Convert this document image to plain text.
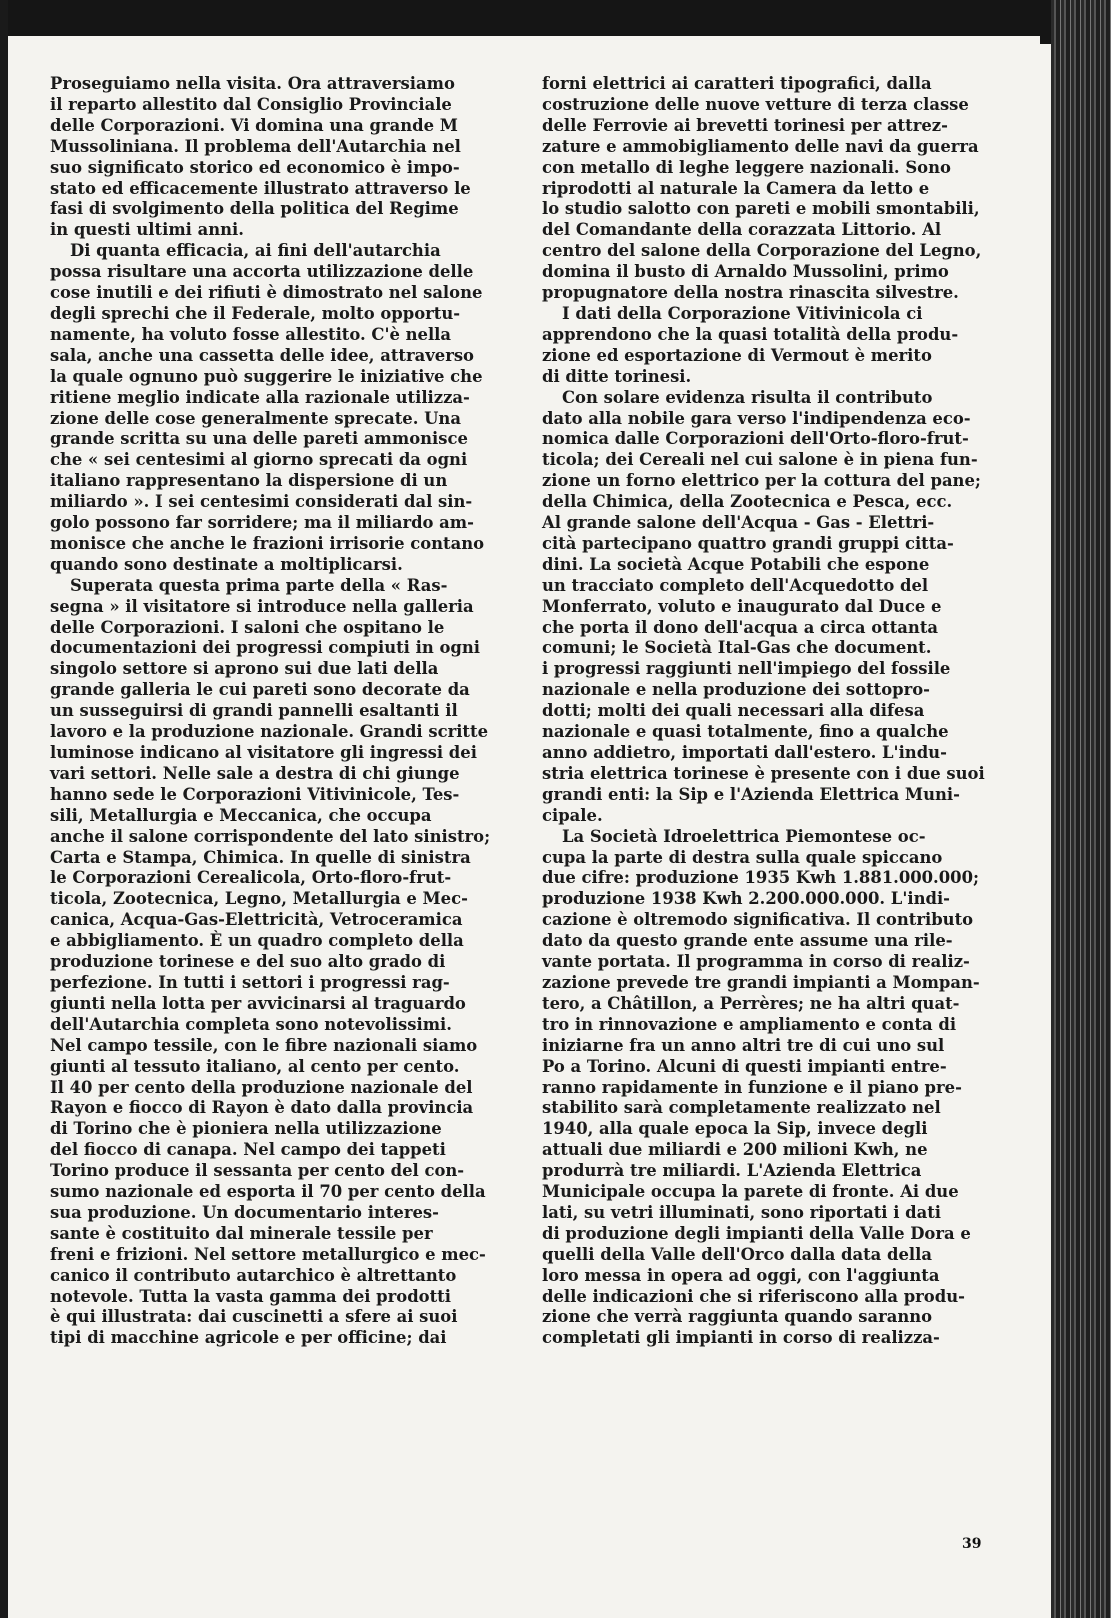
Proseguiamo nella visita. Ora attraversiamo
il reparto allestito dal Consiglio Provinciale
delle Corporazioni. Vi domina una grande M
Mussoliniana. Il problema dell'Autarchia nel
suo significato storico ed economico è impo-
stato ed efficacemente illustrato attraverso le
fasi di svolgimento della politica del Regime
in questi ultimi anni.

Di quanta efficacia, ai fini dell'autarchia
possa risultare una accorta utilizzazione delle
cose inutili e dei rifiuti è dimostrato nel salone
degli sprechi che il Federale, molto opportu-
namente, ha voluto fosse allestito. C'è nella
sala, anche una cassetta delle idee, attraverso
la quale ognuno può suggerire le iniziative che
ritiene meglio indicate alla razionale utilizza-
zione delle cose generalmente sprecate. Una
grande scritta su una delle pareti ammonisce
che « sei centesimi al giorno sprecati da ogni
italiano rappresentano la dispersione di un
miliardo ». I sei centesimi considerati dal sin-
golo possono far sorridere; ma il miliardo am-
monisce che anche le frazioni irrisorie contano
quando sono destinate a moltiplicarsi.

Superata questa prima parte della « Ras-
segna » il visitatore si introduce nella galleria
delle Corporazioni. I saloni che ospitano le
documentazioni dei progressi compiuti in ogni
singolo settore si aprono sui due lati della
grande galleria le cui pareti sono decorate da
un susseguirsi di grandi pannelli esaltanti il
lavoro e la produzione nazionale. Grandi scritte
luminose indicano al visitatore gli ingressi dei
vari settori. Nelle sale a destra di chi giunge
hanno sede le Corporazioni Vitivinicole, Tes-
sili, Metallurgia e Meccanica, che occupa
anche il salone corrispondente del lato sinistro;
Carta e Stampa, Chimica. In quelle di sinistra
le Corporazioni Cerealicola, Orto-floro-frut-
ticola, Zootecnica, Legno, Metallurgia e Mec-
canica, Acqua-Gas-Elettricità, Vetroceramica
e abbigliamento. È un quadro completo della
produzione torinese e del suo alto grado di
perfezione. In tutti i settori i progressi rag-
giunti nella lotta per avvicinarsi al traguardo
dell'Autarchia completa sono notevolissimi.
Nel campo tessile, con le fibre nazionali siamo
giunti al tessuto italiano, al cento per cento.
Il 40 per cento della produzione nazionale del
Rayon e fiocco di Rayon è dato dalla provincia
di Torino che è pioniera nella utilizzazione
del fiocco di canapa. Nel campo dei tappeti
Torino produce il sessanta per cento del con-
sumo nazionale ed esporta il 70 per cento della
sua produzione. Un documentario interes-
sante è costituito dal minerale tessile per
freni e frizioni. Nel settore metallurgico e mec-
canico il contributo autarchico è altrettanto
notevole. Tutta la vasta gamma dei prodotti
è qui illustrata: dai cuscinetti a sfere ai suoi
tipi di macchine agricole e per officine; dai

forni elettrici ai caratteri tipografici, dalla
costruzione delle nuove vetture di terza classe
delle Ferrovie ai brevetti torinesi per attrez-
zature e ammobigliamento delle navi da guerra
con metallo di leghe leggere nazionali. Sono
riprodotti al naturale la Camera da letto e
lo studio salotto con pareti e mobili smontabili,
del Comandante della corazzata Littorio. Al
centro del salone della Corporazione del Legno,
domina il busto di Arnaldo Mussolini, primo
propugnatore della nostra rinascita silvestre.

I dati della Corporazione Vitivinicola ci
apprendono che la quasi totalità della produ-
zione ed esportazione di Vermout è merito
di ditte torinesi.

Con solare evidenza risulta il contributo
dato alla nobile gara verso l'indipendenza eco-
nomica dalle Corporazioni dell'Orto-floro-frut-
ticola; dei Cereali nel cui salone è in piena fun-
zione un forno elettrico per la cottura del pane;
della Chimica, della Zootecnica e Pesca, ecc.
Al grande salone dell'Acqua - Gas - Elettri-
cità partecipano quattro grandi gruppi citta-
dini. La società Acque Potabili che espone
un tracciato completo dell'Acquedotto del
Monferrato, voluto e inaugurato dal Duce e
che porta il dono dell'acqua a circa ottanta
comuni; le Società Ital-Gas che document.
i progressi raggiunti nell'impiego del fossile
nazionale e nella produzione dei sottopro-
dotti; molti dei quali necessari alla difesa
nazionale e quasi totalmente, fino a qualche
anno addietro, importati dall'estero. L'indu-
stria elettrica torinese è presente con i due suoi
grandi enti: la Sip e l'Azienda Elettrica Muni-
cipale.

La Società Idroelettrica Piemontese oc-
cupa la parte di destra sulla quale spiccano
due cifre: produzione 1935 Kwh 1.881.000.000;
produzione 1938 Kwh 2.200.000.000. L'indi-
cazione è oltremodo significativa. Il contributo
dato da questo grande ente assume una rile-
vante portata. Il programma in corso di realiz-
zazione prevede tre grandi impianti a Mompan-
tero, a Châtillon, a Perrères; ne ha altri quat-
tro in rinnovazione e ampliamento e conta di
iniziarne fra un anno altri tre di cui uno sul
Po a Torino. Alcuni di questi impianti entre-
ranno rapidamente in funzione e il piano pre-
stabilito sarà completamente realizzato nel
1940, alla quale epoca la Sip, invece degli
attuali due miliardi e 200 milioni Kwh, ne
produrrà tre miliardi. L'Azienda Elettrica
Municipale occupa la parete di fronte. Ai due
lati, su vetri illuminati, sono riportati i dati
di produzione degli impianti della Valle Dora e
quelli della Valle dell'Orco dalla data della
loro messa in opera ad oggi, con l'aggiunta
delle indicazioni che si riferiscono alla produ-
zione che verrà raggiunta quando saranno
completati gli impianti in corso di realizza-

39
